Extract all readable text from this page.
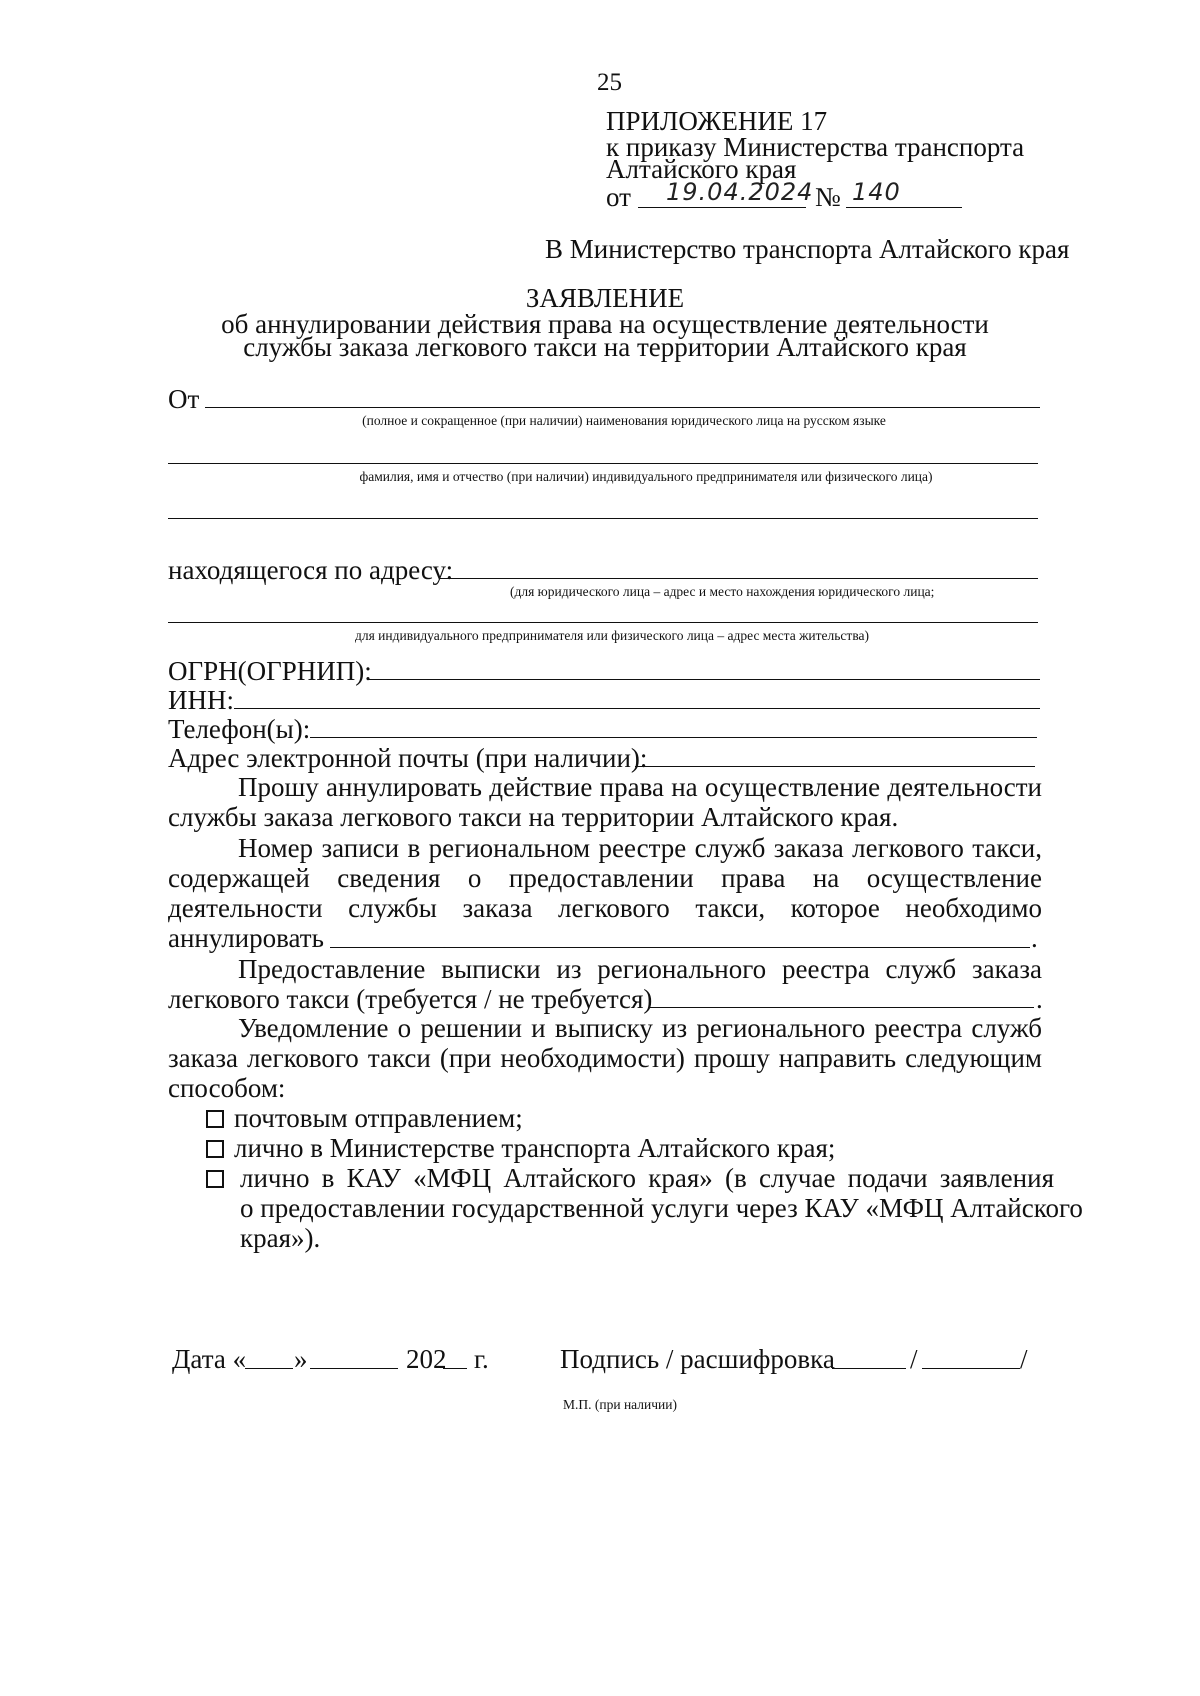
25
ПРИЛОЖЕНИЕ 17
к приказу Министерства транспорта
Алтайского края
от 19.04.2024 № 140
В Министерство транспорта Алтайского края
ЗАЯВЛЕНИЕ
об аннулировании действия права на осуществление деятельности
службы заказа легкового такси на территории Алтайского края
От
(полное и сокращенное (при наличии) наименования юридического лица на русском языке
фамилия, имя и отчество (при наличии) индивидуального предпринимателя или физического лица)
находящегося по адресу:
(для юридического лица – адрес и место нахождения юридического лица;
для индивидуального предпринимателя или физического лица – адрес места жительства)
ОГРН(ОГРНИП):
ИНН:
Телефон(ы):
Адрес электронной почты (при наличии):
Прошу аннулировать действие права на осуществление деятельности
службы заказа легкового такси на территории Алтайского края.
Номер записи в региональном реестре служб заказа легкового такси,
содержащей сведения о предоставлении права на осуществление
деятельности службы заказа легкового такси, которое необходимо
аннулировать	.
Предоставление выписки из регионального реестра служб заказа
легкового такси (требуется / не требуется)	.
Уведомление о решении и выписку из регионального реестра служб
заказа легкового такси (при необходимости) прошу направить следующим
способом:
почтовым отправлением;
лично в Министерстве транспорта Алтайского края;
лично в КАУ «МФЦ Алтайского края» (в случае подачи заявления
о предоставлении государственной услуги через КАУ «МФЦ Алтайского
края»).
Дата « »	202 г.	Подпись / расшифровка	/	/
М.П. (при наличии)
